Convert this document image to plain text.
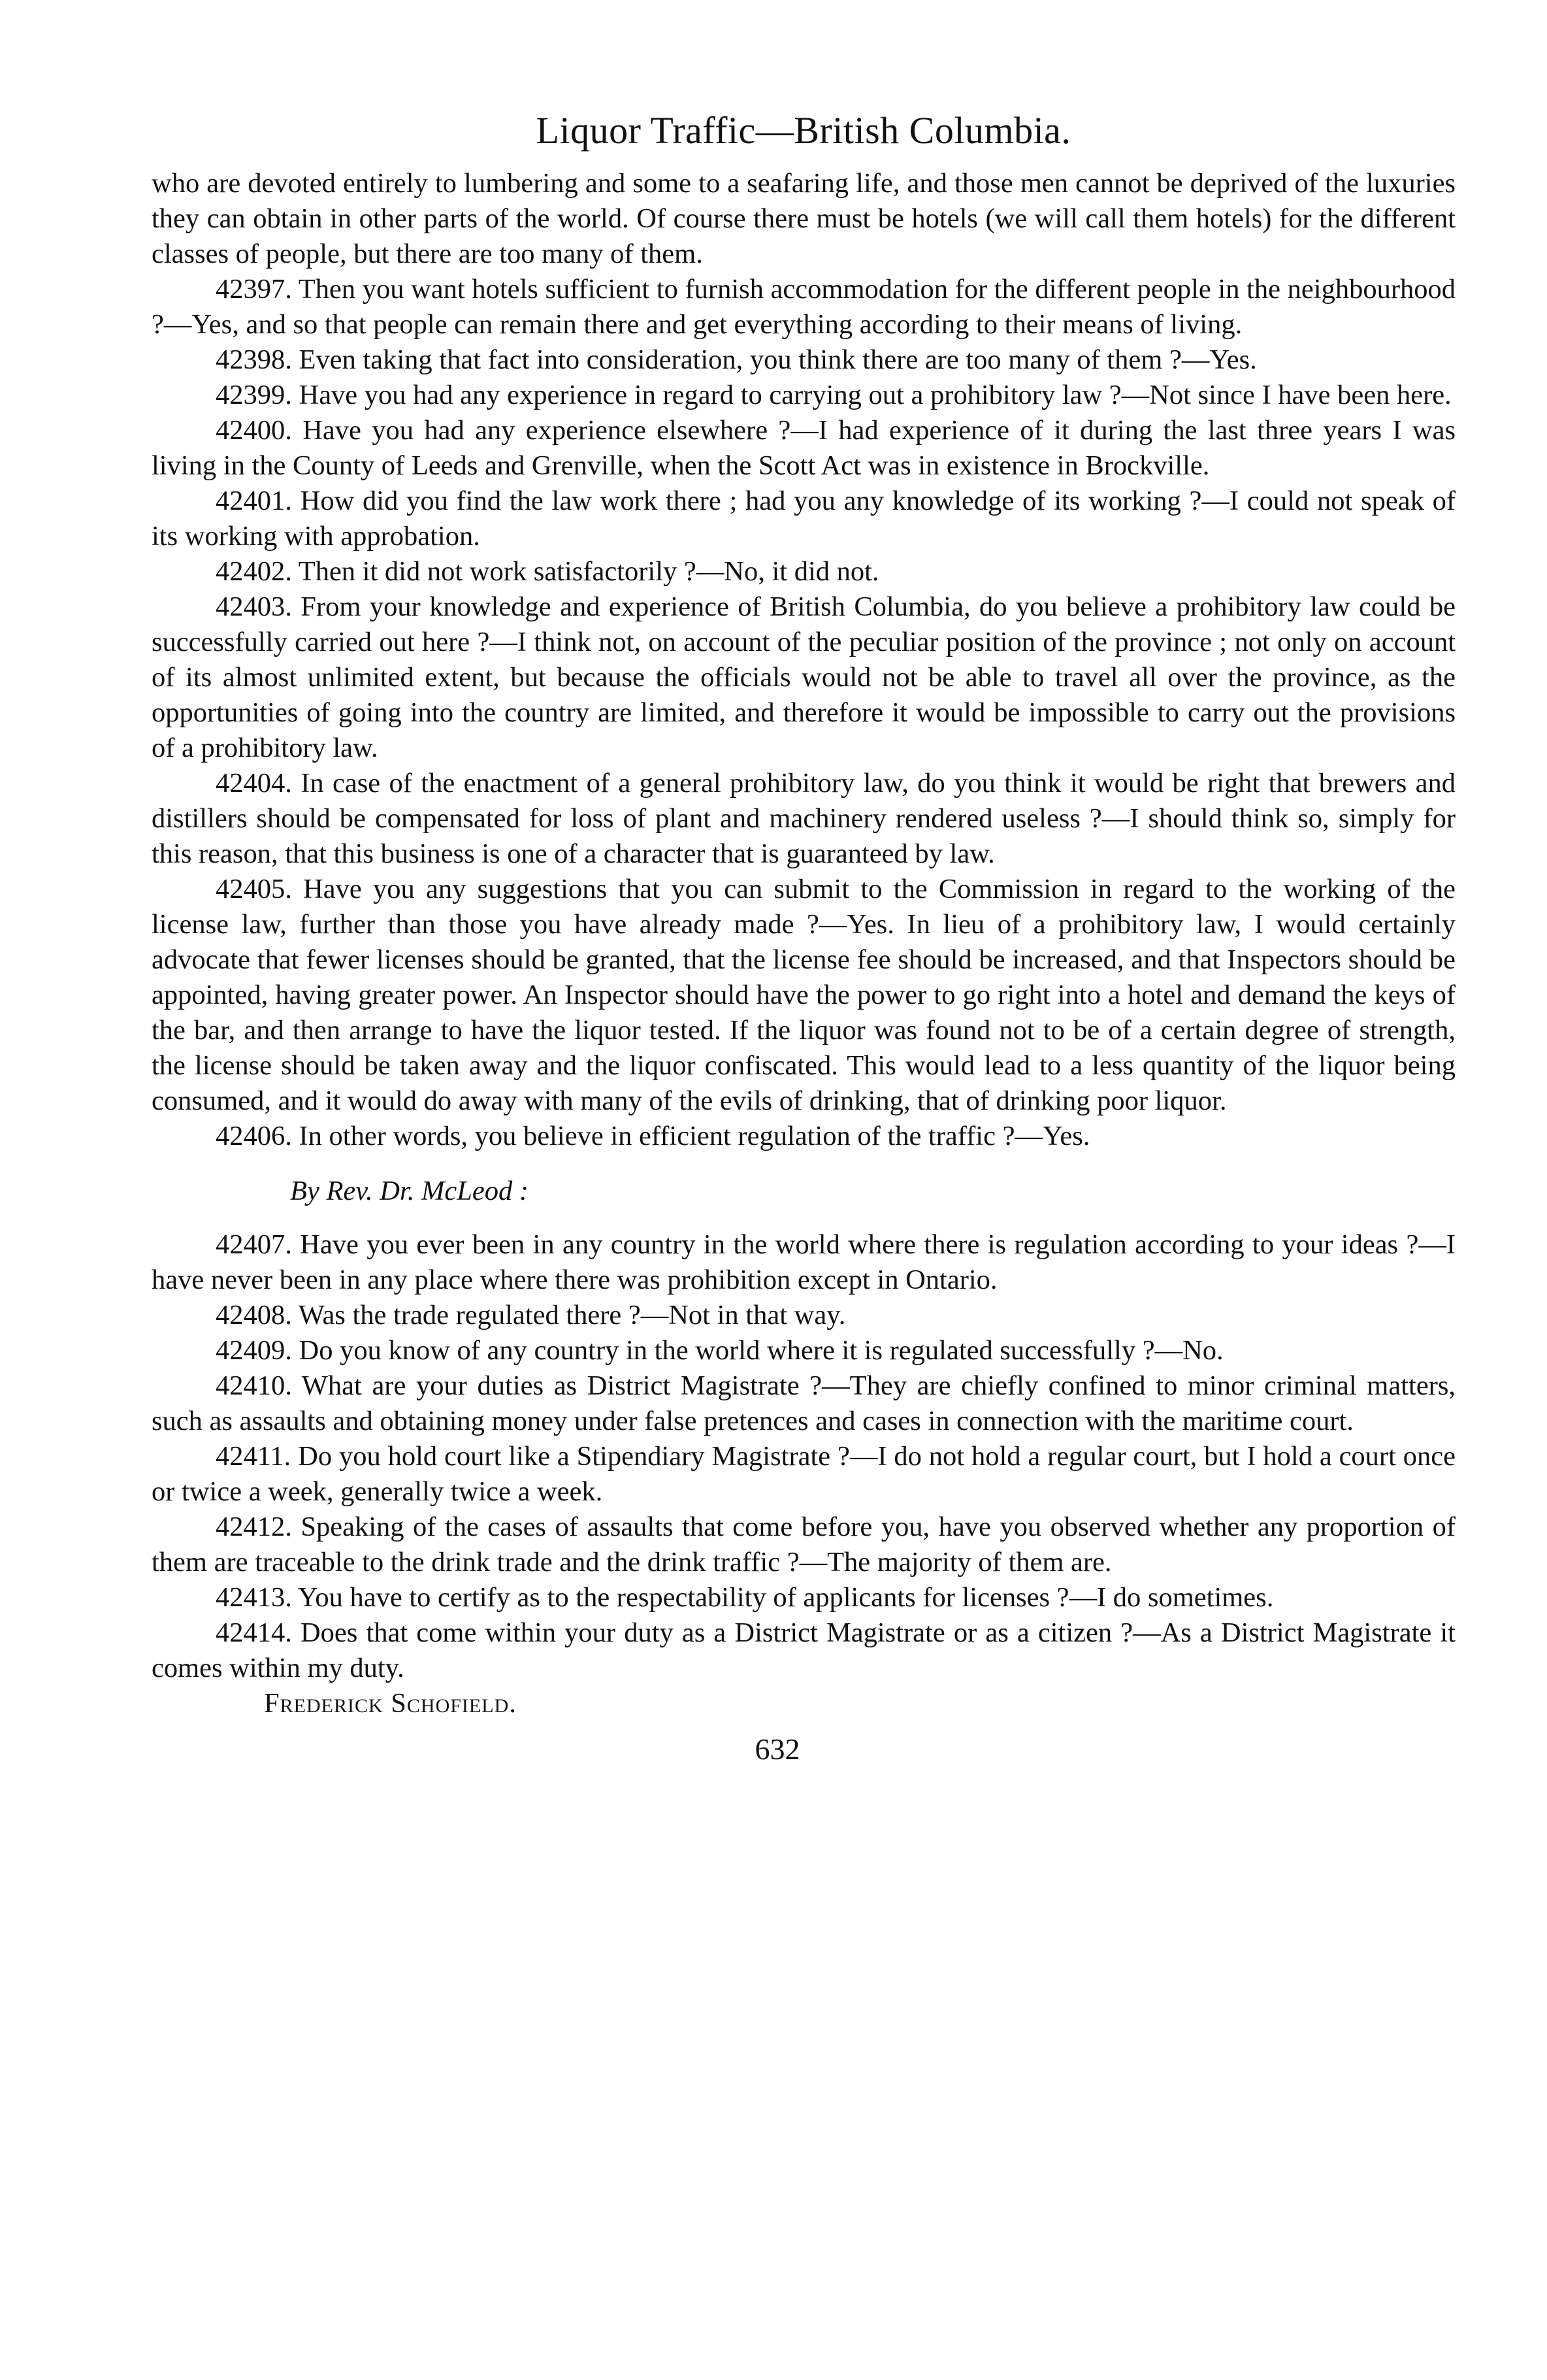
Liquor Traffic—British Columbia.

who are devoted entirely to lumbering and some to a seafaring life, and those men cannot be deprived of the luxuries they can obtain in other parts of the world. Of course there must be hotels (we will call them hotels) for the different classes of people, but there are too many of them.

42397. Then you want hotels sufficient to furnish accommodation for the different people in the neighbourhood ?—Yes, and so that people can remain there and get everything according to their means of living.

42398. Even taking that fact into consideration, you think there are too many of them ?—Yes.

42399. Have you had any experience in regard to carrying out a prohibitory law ?—Not since I have been here.

42400. Have you had any experience elsewhere ?—I had experience of it during the last three years I was living in the County of Leeds and Grenville, when the Scott Act was in existence in Brockville.

42401. How did you find the law work there ; had you any knowledge of its working ?—I could not speak of its working with approbation.

42402. Then it did not work satisfactorily ?—No, it did not.

42403. From your knowledge and experience of British Columbia, do you believe a prohibitory law could be successfully carried out here ?—I think not, on account of the peculiar position of the province ; not only on account of its almost unlimited extent, but because the officials would not be able to travel all over the province, as the opportunities of going into the country are limited, and therefore it would be impossible to carry out the provisions of a prohibitory law.

42404. In case of the enactment of a general prohibitory law, do you think it would be right that brewers and distillers should be compensated for loss of plant and machinery rendered useless ?—I should think so, simply for this reason, that this business is one of a character that is guaranteed by law.

42405. Have you any suggestions that you can submit to the Commission in regard to the working of the license law, further than those you have already made ?—Yes. In lieu of a prohibitory law, I would certainly advocate that fewer licenses should be granted, that the license fee should be increased, and that Inspectors should be appointed, having greater power. An Inspector should have the power to go right into a hotel and demand the keys of the bar, and then arrange to have the liquor tested. If the liquor was found not to be of a certain degree of strength, the license should be taken away and the liquor confiscated. This would lead to a less quantity of the liquor being consumed, and it would do away with many of the evils of drinking, that of drinking poor liquor.

42406. In other words, you believe in efficient regulation of the traffic ?—Yes.

By Rev. Dr. McLeod :

42407. Have you ever been in any country in the world where there is regulation according to your ideas ?—I have never been in any place where there was prohibition except in Ontario.

42408. Was the trade regulated there ?—Not in that way.

42409. Do you know of any country in the world where it is regulated successfully ?—No.

42410. What are your duties as District Magistrate ?—They are chiefly confined to minor criminal matters, such as assaults and obtaining money under false pretences and cases in connection with the maritime court.

42411. Do you hold court like a Stipendiary Magistrate ?—I do not hold a regular court, but I hold a court once or twice a week, generally twice a week.

42412. Speaking of the cases of assaults that come before you, have you observed whether any proportion of them are traceable to the drink trade and the drink traffic ?—The majority of them are.

42413. You have to certify as to the respectability of applicants for licenses ?—I do sometimes.

42414. Does that come within your duty as a District Magistrate or as a citizen ?—As a District Magistrate it comes within my duty.

Frederick Schofield.

632
